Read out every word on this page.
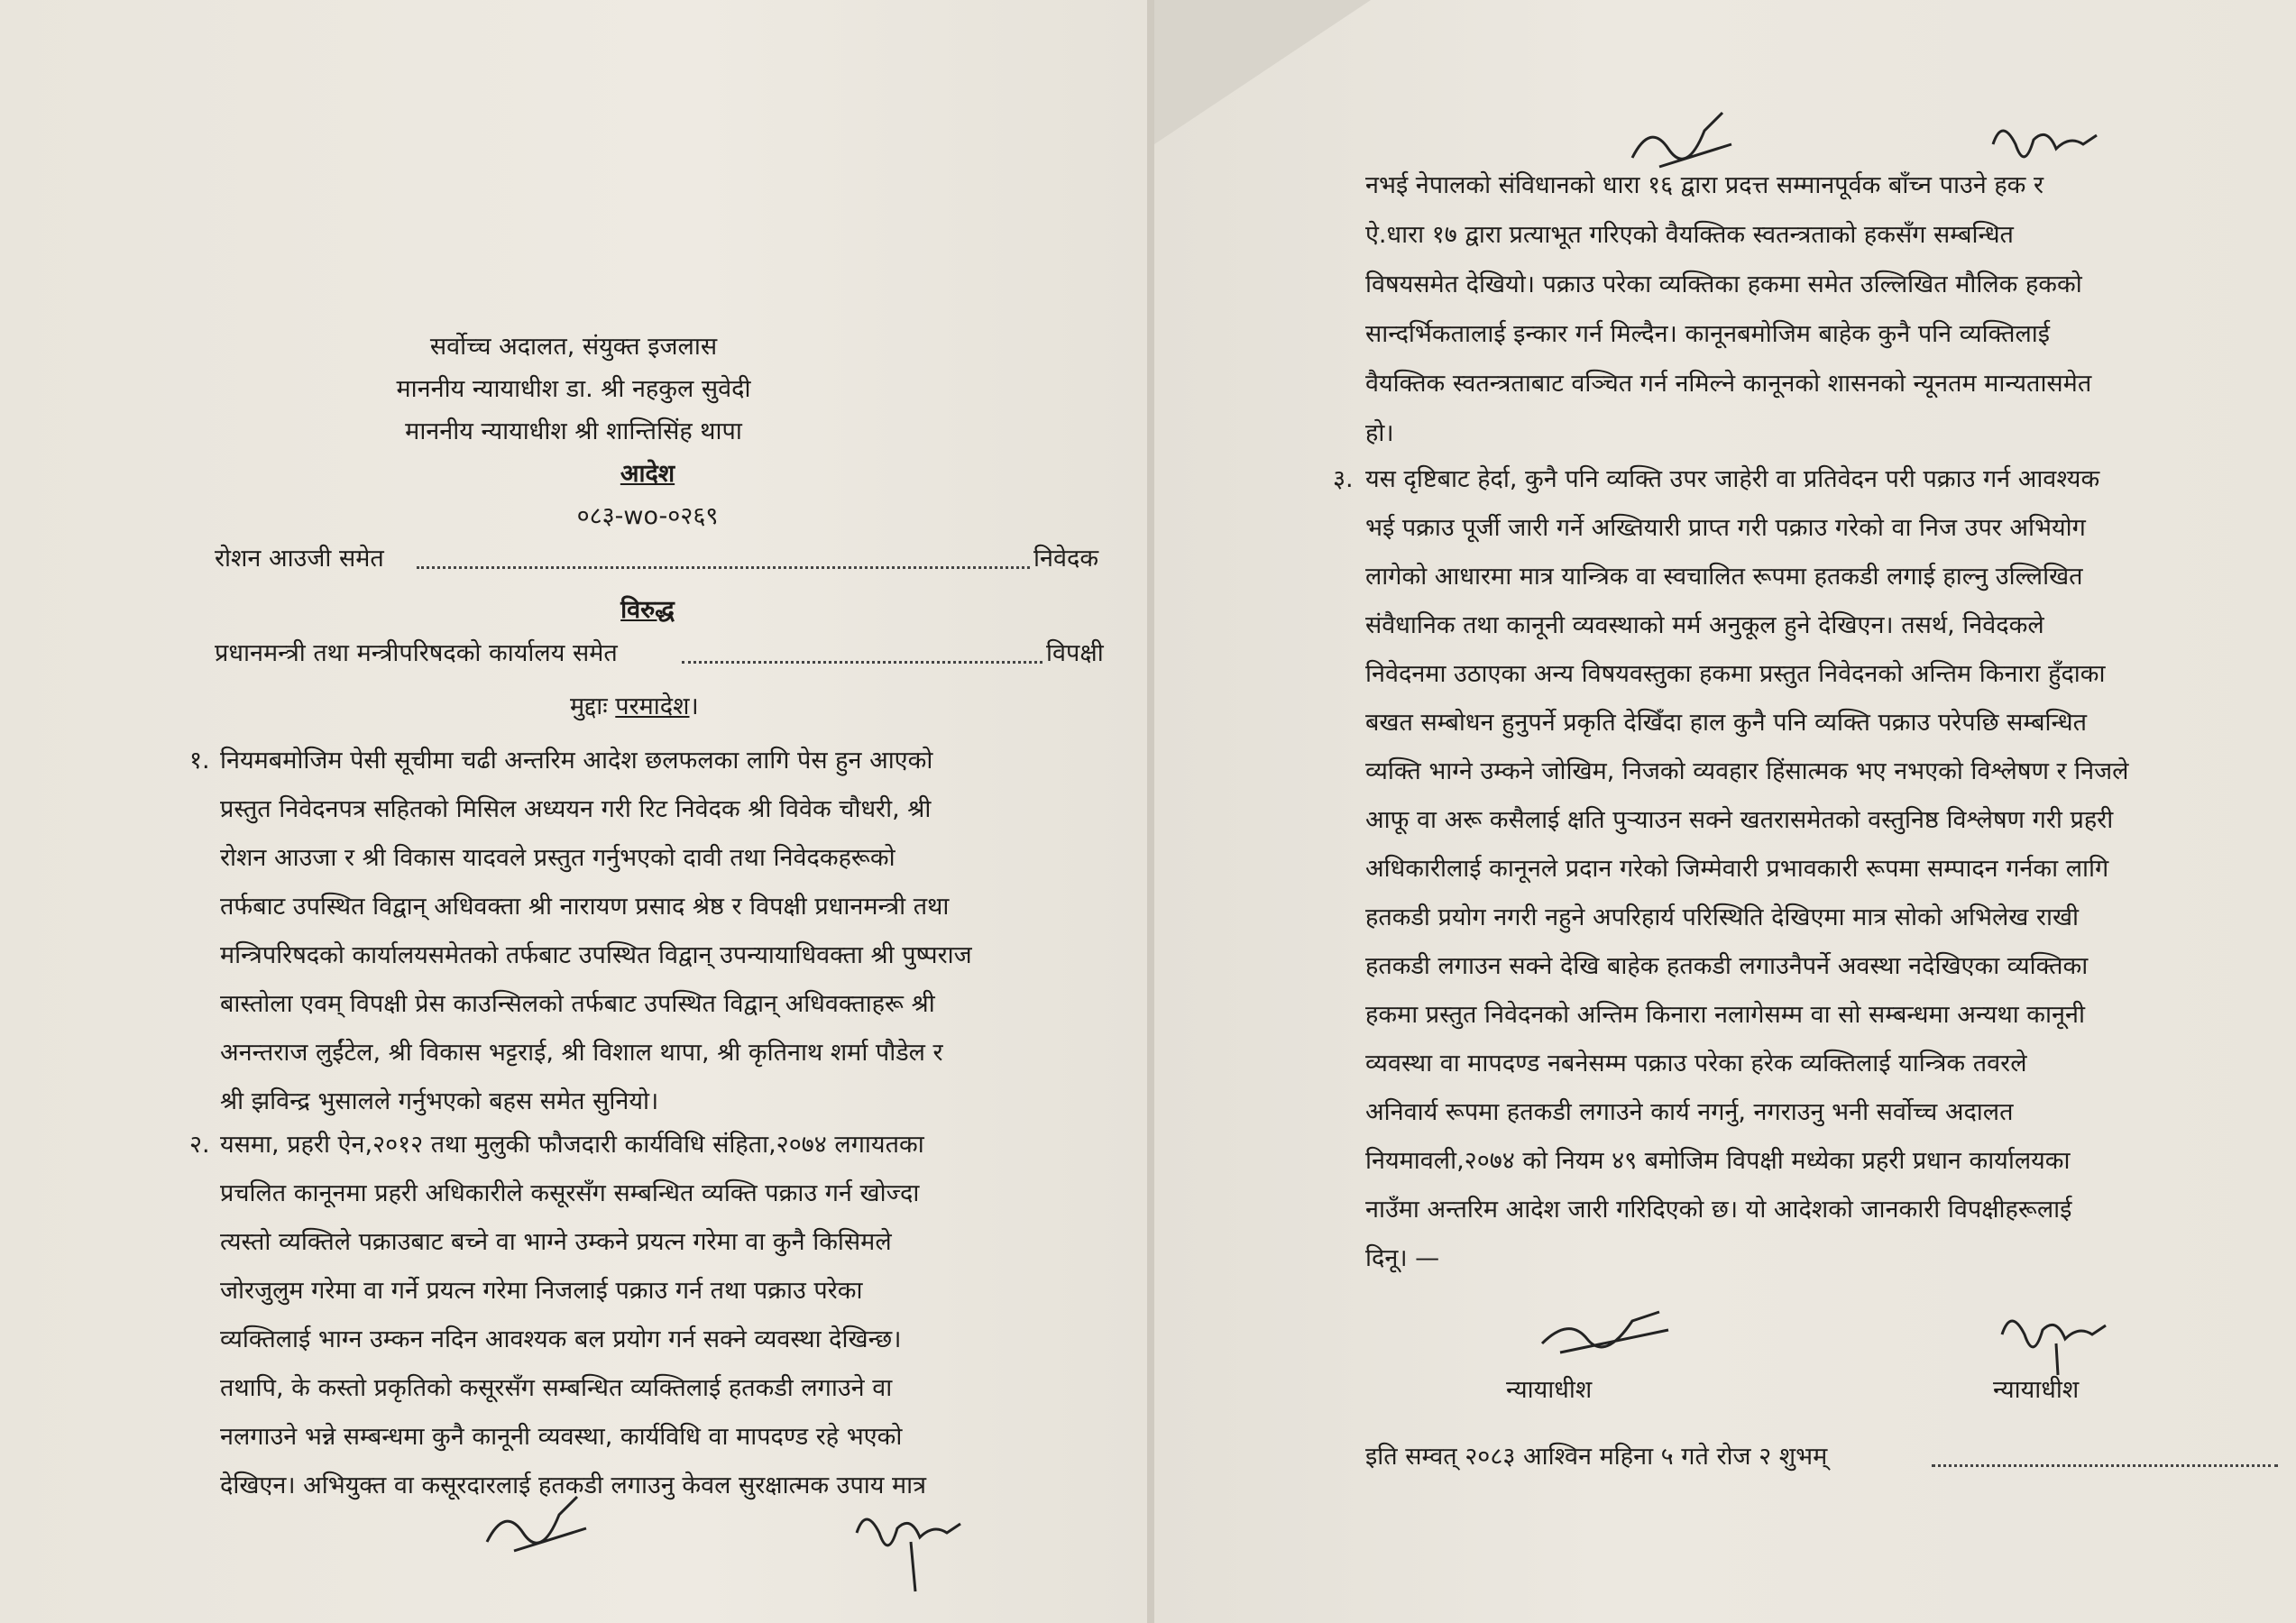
सर्वोच्च अदालत, संयुक्त इजलास
माननीय न्यायाधीश डा. श्री नहकुल सुवेदी
माननीय न्यायाधीश श्री शान्तिसिंह थापा
आदेश
०८३-wo-०२६९
रोशन आउजी समेत	निवेदक
विरुद्ध
प्रधानमन्त्री तथा मन्त्रीपरिषदको कार्यालय समेत	विपक्षी
मुद्दाः परमादेश।
१. नियमबमोजिम पेसी सूचीमा चढी अन्तरिम आदेश छलफलका लागि पेस हुन आएको
प्रस्तुत निवेदनपत्र सहितको मिसिल अध्ययन गरी रिट निवेदक श्री विवेक चौधरी, श्री
रोशन आउजा र श्री विकास यादवले प्रस्तुत गर्नुभएको दावी तथा निवेदकहरूको
तर्फबाट उपस्थित विद्वान् अधिवक्ता श्री नारायण प्रसाद श्रेष्ठ र विपक्षी प्रधानमन्त्री तथा
मन्त्रिपरिषदको कार्यालयसमेतको तर्फबाट उपस्थित विद्वान् उपन्यायाधिवक्ता श्री पुष्पराज
बास्तोला एवम् विपक्षी प्रेस काउन्सिलको तर्फबाट उपस्थित विद्वान् अधिवक्ताहरू श्री
अनन्तराज लुईंटेल, श्री विकास भट्टराई, श्री विशाल थापा, श्री कृतिनाथ शर्मा पौडेल र
श्री झविन्द्र भुसालले गर्नुभएको बहस समेत सुनियो।
२. यसमा, प्रहरी ऐन,२०१२ तथा मुलुकी फौजदारी कार्यविधि संहिता,२०७४ लगायतका
प्रचलित कानूनमा प्रहरी अधिकारीले कसूरसँग सम्बन्धित व्यक्ति पक्राउ गर्न खोज्दा
त्यस्तो व्यक्तिले पक्राउबाट बच्ने वा भाग्ने उम्कने प्रयत्न गरेमा वा कुनै किसिमले
जोरजुलुम गरेमा वा गर्ने प्रयत्न गरेमा निजलाई पक्राउ गर्न तथा पक्राउ परेका
व्यक्तिलाई भाग्न उम्कन नदिन आवश्यक बल प्रयोग गर्न सक्ने व्यवस्था देखिन्छ।
तथापि, के कस्तो प्रकृतिको कसूरसँग सम्बन्धित व्यक्तिलाई हतकडी लगाउने वा
नलगाउने भन्ने सम्बन्धमा कुनै कानूनी व्यवस्था, कार्यविधि वा मापदण्ड रहे भएको
देखिएन। अभियुक्त वा कसूरदारलाई हतकडी लगाउनु केवल सुरक्षात्मक उपाय मात्र
नभई नेपालको संविधानको धारा १६ द्वारा प्रदत्त सम्मानपूर्वक बाँच्न पाउने हक र
ऐ.धारा १७ द्वारा प्रत्याभूत गरिएको वैयक्तिक स्वतन्त्रताको हकसँग सम्बन्धित
विषयसमेत देखियो। पक्राउ परेका व्यक्तिका हकमा समेत उल्लिखित मौलिक हकको
सान्दर्भिकतालाई इन्कार गर्न मिल्दैन। कानूनबमोजिम बाहेक कुनै पनि व्यक्तिलाई
वैयक्तिक स्वतन्त्रताबाट वञ्चित गर्न नमिल्ने कानूनको शासनको न्यूनतम मान्यतासमेत
हो।
३. यस दृष्टिबाट हेर्दा, कुनै पनि व्यक्ति उपर जाहेरी वा प्रतिवेदन परी पक्राउ गर्न आवश्यक
भई पक्राउ पूर्जी जारी गर्ने अख्तियारी प्राप्त गरी पक्राउ गरेको वा निज उपर अभियोग
लागेको आधारमा मात्र यान्त्रिक वा स्वचालित रूपमा हतकडी लगाई हाल्नु उल्लिखित
संवैधानिक तथा कानूनी व्यवस्थाको मर्म अनुकूल हुने देखिएन। तसर्थ, निवेदकले
निवेदनमा उठाएका अन्य विषयवस्तुका हकमा प्रस्तुत निवेदनको अन्तिम किनारा हुँदाका
बखत सम्बोधन हुनुपर्ने प्रकृति देखिँदा हाल कुनै पनि व्यक्ति पक्राउ परेपछि सम्बन्धित
व्यक्ति भाग्ने उम्कने जोखिम, निजको व्यवहार हिंसात्मक भए नभएको विश्लेषण र निजले
आफू वा अरू कसैलाई क्षति पुर्‍याउन सक्ने खतरासमेतको वस्तुनिष्ठ विश्लेषण गरी प्रहरी
अधिकारीलाई कानूनले प्रदान गरेको जिम्मेवारी प्रभावकारी रूपमा सम्पादन गर्नका लागि
हतकडी प्रयोग नगरी नहुने अपरिहार्य परिस्थिति देखिएमा मात्र सोको अभिलेख राखी
हतकडी लगाउन सक्ने देखि बाहेक हतकडी लगाउनैपर्ने अवस्था नदेखिएका व्यक्तिका
हकमा प्रस्तुत निवेदनको अन्तिम किनारा नलागेसम्म वा सो सम्बन्धमा अन्यथा कानूनी
व्यवस्था वा मापदण्ड नबनेसम्म पक्राउ परेका हरेक व्यक्तिलाई यान्त्रिक तवरले
अनिवार्य रूपमा हतकडी लगाउने कार्य नगर्नु, नगराउनु भनी सर्वोच्च अदालत
नियमावली,२०७४ को नियम ४९ बमोजिम विपक्षी मध्येका प्रहरी प्रधान कार्यालयका
नाउँमा अन्तरिम आदेश जारी गरिदिएको छ। यो आदेशको जानकारी विपक्षीहरूलाई
दिनू। —
न्यायाधीश	न्यायाधीश
इति सम्वत् २०८३ आश्विन महिना ५ गते रोज २ शुभम्
